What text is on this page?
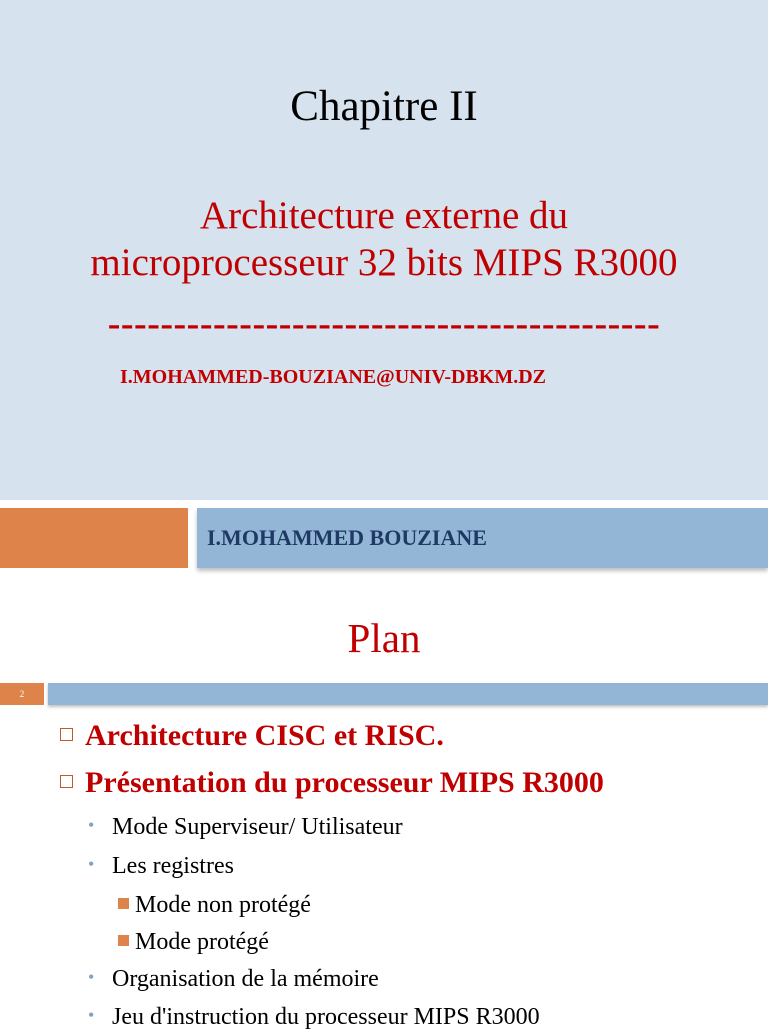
Chapitre II
Architecture externe du
microprocesseur 32 bits MIPS R3000
------------------------------------------
I.MOHAMMED-BOUZIANE@UNIV-DBKM.DZ
I.MOHAMMED BOUZIANE
Plan
2
Architecture CISC et RISC.
Présentation du processeur MIPS R3000
• Mode Superviseur/ Utilisateur
• Les registres
Mode non protégé
Mode protégé
• Organisation de la mémoire
• Jeu d'instruction du processeur MIPS R3000
